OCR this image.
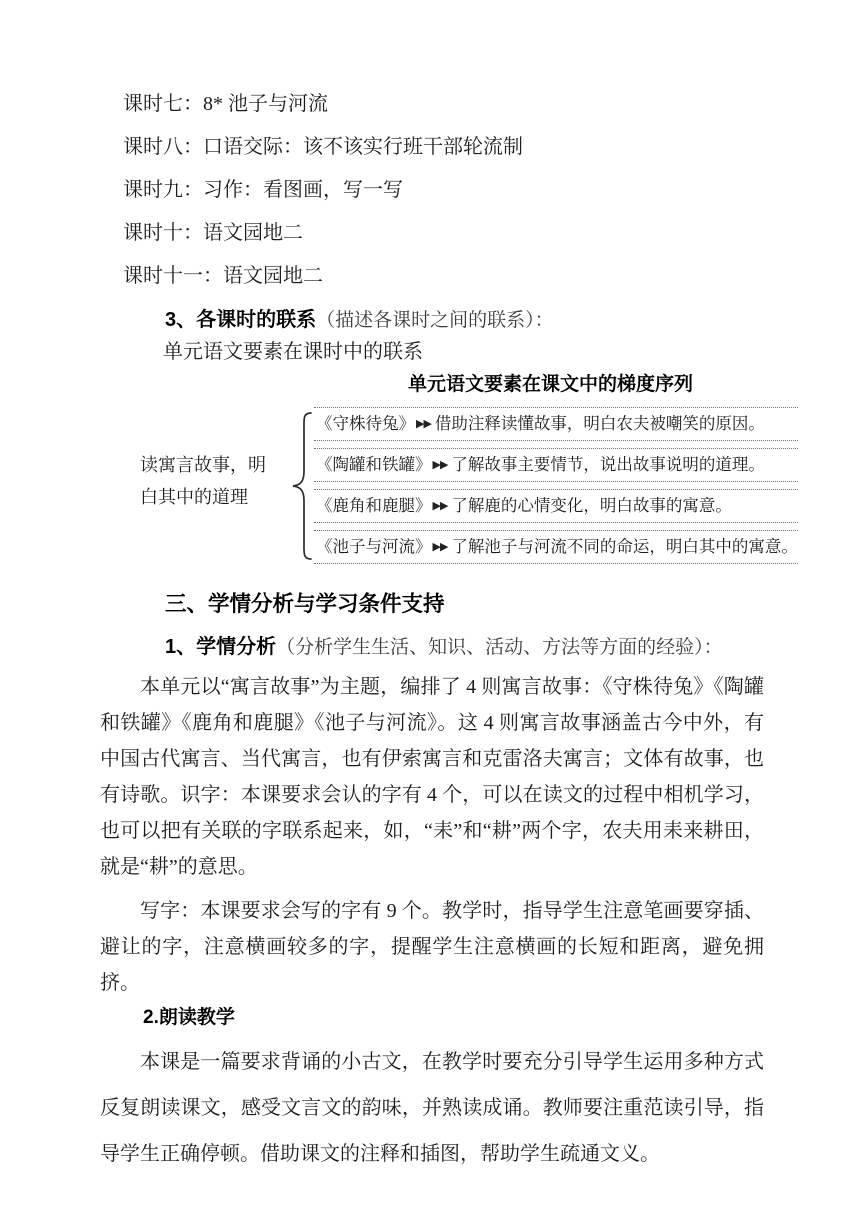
课时七：8* 池子与河流
课时八：口语交际：该不该实行班干部轮流制
课时九：习作：看图画，写一写
课时十：语文园地二
课时十一：语文园地二
3、各课时的联系（描述各课时之间的联系）：
单元语文要素在课时中的联系
单元语文要素在课文中的梯度序列
读寓言故事，明
白其中的道理
《守株待兔》▶▶ 借助注释读懂故事，明白农夫被嘲笑的原因。
《陶罐和铁罐》▶▶ 了解故事主要情节，说出故事说明的道理。
《鹿角和鹿腿》▶▶ 了解鹿的心情变化，明白故事的寓意。
《池子与河流》▶▶ 了解池子与河流不同的命运，明白其中的寓意。
三、学情分析与学习条件支持
1、学情分析（分析学生生活、知识、活动、方法等方面的经验）：
本单元以“寓言故事”为主题，编排了 4 则寓言故事：《守株待兔》《陶罐和铁罐》《鹿角和鹿腿》《池子与河流》。这 4 则寓言故事涵盖古今中外，有中国古代寓言、当代寓言，也有伊索寓言和克雷洛夫寓言；文体有故事，也有诗歌。识字：本课要求会认的字有 4 个，可以在读文的过程中相机学习，也可以把有关联的字联系起来，如，“耒”和“耕”两个字，农夫用耒来耕田，就是“耕”的意思。
写字：本课要求会写的字有 9 个。教学时，指导学生注意笔画要穿插、避让的字，注意横画较多的字，提醒学生注意横画的长短和距离，避免拥挤。
2.朗读教学
本课是一篇要求背诵的小古文，在教学时要充分引导学生运用多种方式反复朗读课文，感受文言文的韵味，并熟读成诵。教师要注重范读引导，指导学生正确停顿。借助课文的注释和插图，帮助学生疏通文义。
